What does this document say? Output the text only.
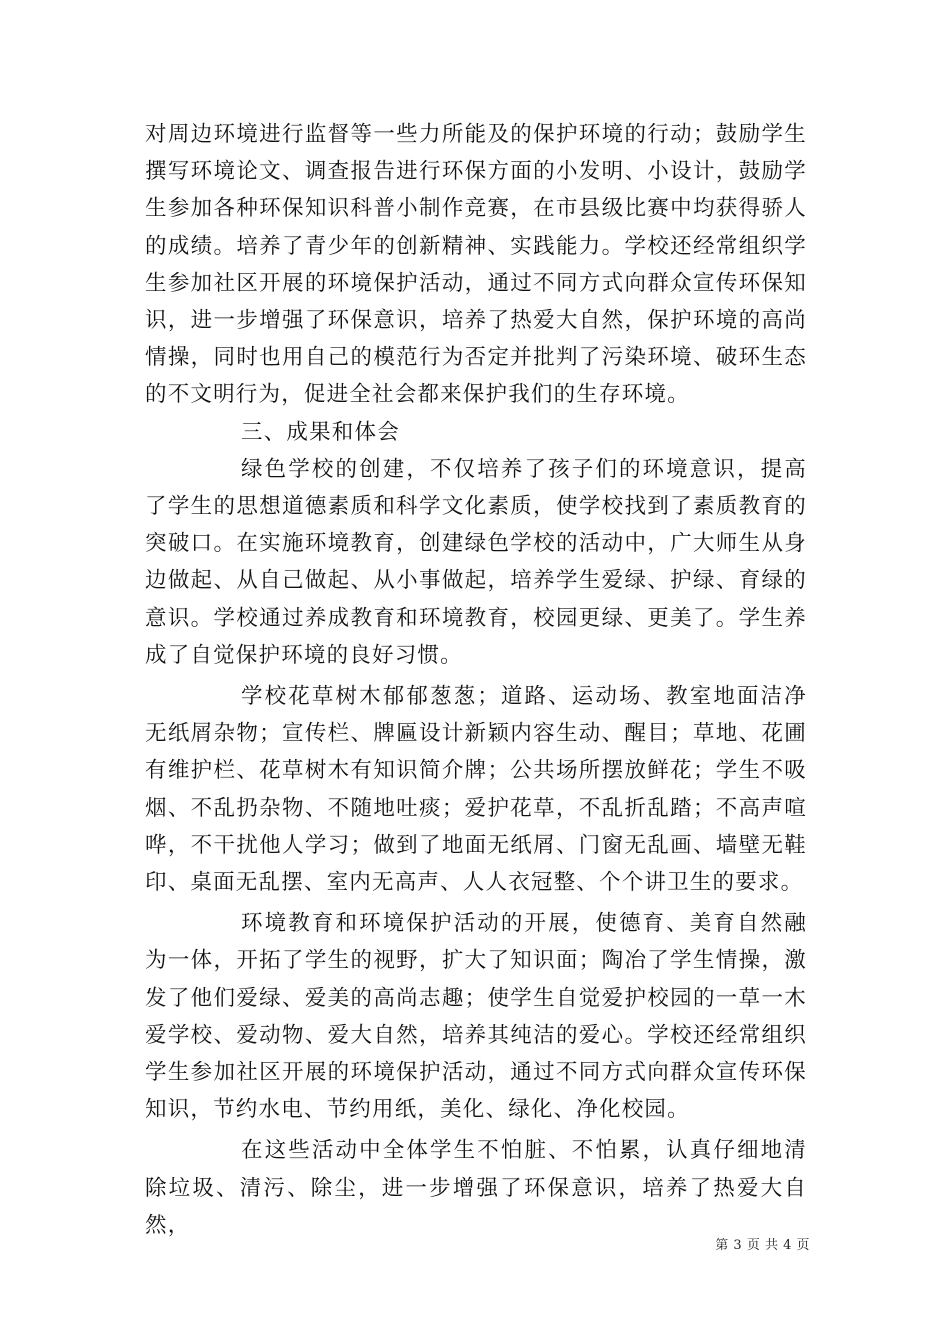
对周边环境进行监督等一些力所能及的保护环境的行动；鼓励学生撰写环境论文、调查报告进行环保方面的小发明、小设计，鼓励学生参加各种环保知识科普小制作竞赛，在市县级比赛中均获得骄人的成绩。培养了青少年的创新精神、实践能力。学校还经常组织学生参加社区开展的环境保护活动，通过不同方式向群众宣传环保知识，进一步增强了环保意识，培养了热爱大自然，保护环境的高尚情操，同时也用自己的模范行为否定并批判了污染环境、破环生态的不文明行为，促进全社会都来保护我们的生存环境。

三、成果和体会

绿色学校的创建，不仅培养了孩子们的环境意识，提高了学生的思想道德素质和科学文化素质，使学校找到了素质教育的突破口。在实施环境教育，创建绿色学校的活动中，广大师生从身边做起、从自己做起、从小事做起，培养学生爱绿、护绿、育绿的意识。学校通过养成教育和环境教育，校园更绿、更美了。学生养成了自觉保护环境的良好习惯。

学校花草树木郁郁葱葱；道路、运动场、教室地面洁净无纸屑杂物；宣传栏、牌匾设计新颖内容生动、醒目；草地、花圃有维护栏、花草树木有知识简介牌；公共场所摆放鲜花；学生不吸烟、不乱扔杂物、不随地吐痰；爱护花草，不乱折乱踏；不高声喧哗，不干扰他人学习；做到了地面无纸屑、门窗无乱画、墙壁无鞋印、桌面无乱摆、室内无高声、人人衣冠整、个个讲卫生的要求。

环境教育和环境保护活动的开展，使德育、美育自然融为一体，开拓了学生的视野，扩大了知识面；陶冶了学生情操，激发了他们爱绿、爱美的高尚志趣；使学生自觉爱护校园的一草一木爱学校、爱动物、爱大自然，培养其纯洁的爱心。学校还经常组织学生参加社区开展的环境保护活动，通过不同方式向群众宣传环保知识，节约水电、节约用纸，美化、绿化、净化校园。

在这些活动中全体学生不怕脏、不怕累，认真仔细地清除垃圾、清污、除尘，进一步增强了环保意识，培养了热爱大自然，

第 3 页 共 4 页
